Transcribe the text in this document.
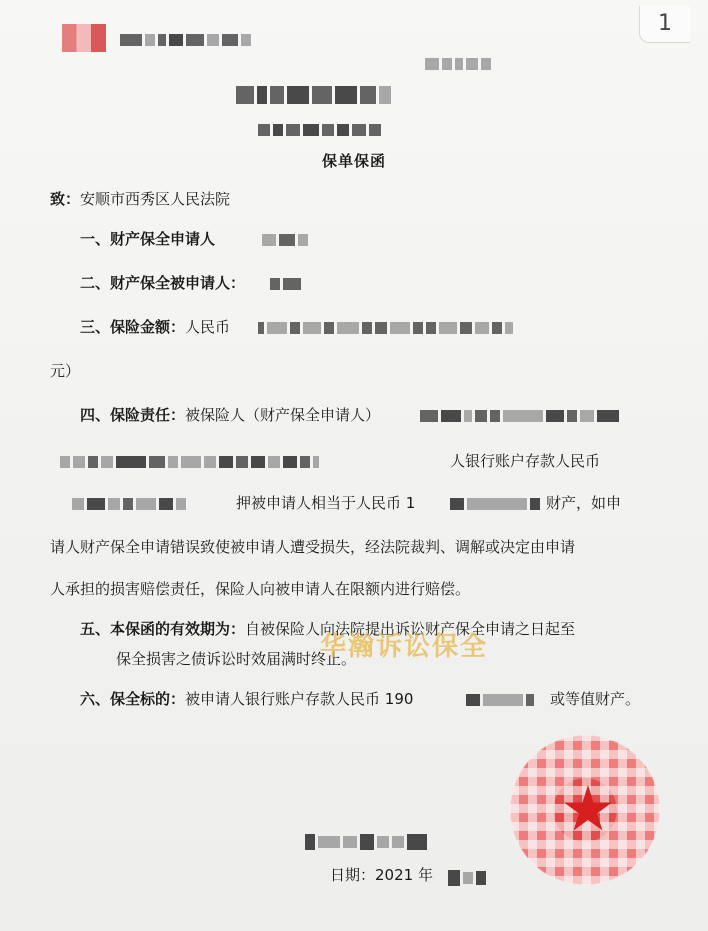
1
保单保函
致：安顺市西秀区人民法院
一、财产保全申请人
二、财产保全被申请人：
三、保险金额：人民币
元）
四、保险责任：被保险人（财产保全申请人）
人银行账户存款人民币
押被申请人相当于人民币 1	财产，如申
请人财产保全申请错误致使被申请人遭受损失，经法院裁判、调解或决定由申请
人承担的损害赔偿责任，保险人向被申请人在限额内进行赔偿。
五、本保函的有效期为：自被保险人向法院提出诉讼财产保全申请之日起至
保全损害之债诉讼时效届满时终止。
华瀚诉讼保全
六、保全标的：被申请人银行账户存款人民币 190	或等值财产。
日期：2021 年
